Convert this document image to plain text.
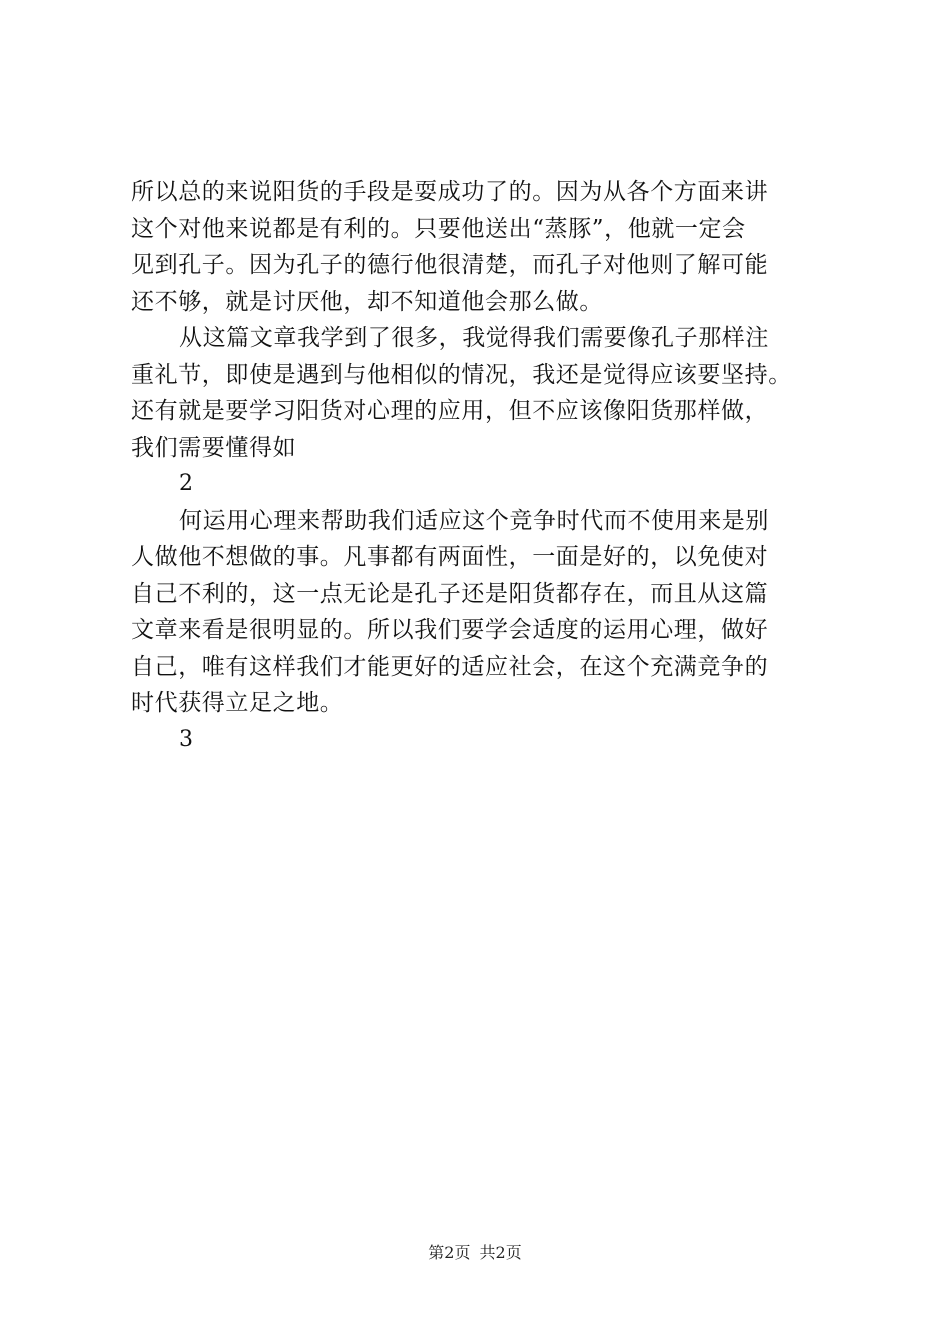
所以总的来说阳货的手段是耍成功了的。因为从各个方面来讲
这个对他来说都是有利的。只要他送出“蒸豚”，他就一定会
见到孔子。因为孔子的德行他很清楚，而孔子对他则了解可能
还不够，就是讨厌他，却不知道他会那么做。
从这篇文章我学到了很多，我觉得我们需要像孔子那样注
重礼节，即使是遇到与他相似的情况，我还是觉得应该要坚持。
还有就是要学习阳货对心理的应用，但不应该像阳货那样做，
我们需要懂得如
2
何运用心理来帮助我们适应这个竞争时代而不使用来是别
人做他不想做的事。凡事都有两面性，一面是好的，以免使对
自己不利的，这一点无论是孔子还是阳货都存在，而且从这篇
文章来看是很明显的。所以我们要学会适度的运用心理，做好
自己，唯有这样我们才能更好的适应社会，在这个充满竞争的
时代获得立足之地。
3
第2页 共2页
